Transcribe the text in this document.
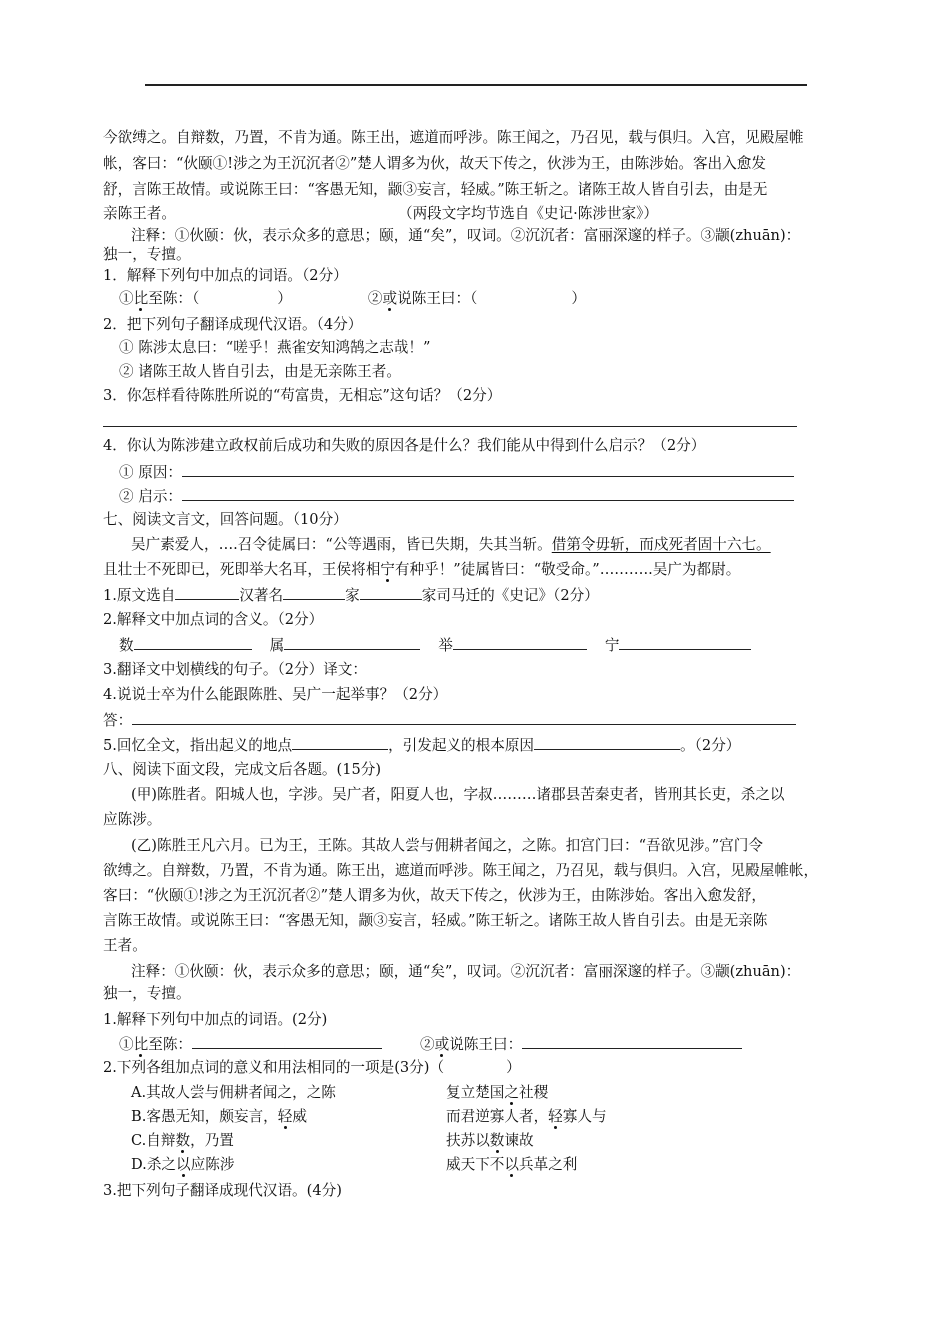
今欲缚之。自辩数，乃置，不肯为通。陈王出，遮道而呼涉。陈王闻之，乃召见，载与俱归。入宫，见殿屋帷
帐，客曰：“伙颐①!涉之为王沉沉者②”楚人谓多为伙，故天下传之，伙涉为王，由陈涉始。客出入愈发
舒，言陈王故情。或说陈王曰：“客愚无知，颛③妄言，轻威。”陈王斩之。诸陈王故人皆自引去，由是无
亲陈王者。	（两段文字均节选自《史记·陈涉世家》）
注释：①伙颐：伙，表示众多的意思；颐，通“矣”，叹词。②沉沉者：富丽深邃的样子。③颛(zhuān)：
独一，专擅。
1．解释下列句中加点的词语。（2分）
①比至陈：（	）	②或说陈王曰：（	）
2．把下列句子翻译成现代汉语。（4分）
① 陈涉太息曰：“嗟乎！燕雀安知鸿鹄之志哉！”
② 诸陈王故人皆自引去，由是无亲陈王者。
3．你怎样看待陈胜所说的“苟富贵，无相忘”这句话？（2分）
4．你认为陈涉建立政权前后成功和失败的原因各是什么？我们能从中得到什么启示？（2分）
① 原因：
② 启示：
七、阅读文言文，回答问题。（10分）
吴广素爱人，….召令徒属曰：“公等遇雨，皆已失期，失其当斩。借第令毋斩，而戍死者固十六七。
且壮士不死即已，死即举大名耳，王侯将相宁有种乎！”徒属皆曰：“敬受命。”………..吴广为都尉。
1.原文选自	汉著名	家	家司马迁的《史记》（2分）
2.解释文中加点词的含义。（2分）
数	属	举	宁
3.翻译文中划横线的句子。（2分）译文：
4.说说士卒为什么能跟陈胜、吴广一起举事？（2分）
答：
5.回忆全文，指出起义的地点	，引发起义的根本原因	。（2分）
八、阅读下面文段，完成文后各题。(15分)
(甲)陈胜者。阳城人也，字涉。吴广者，阳夏人也，字叔………诸郡县苦秦吏者，皆刑其长吏，杀之以
应陈涉。
(乙)陈胜王凡六月。已为王，王陈。其故人尝与佣耕者闻之，之陈。扣宫门曰：“吾欲见涉。”宫门令
欲缚之。自辩数，乃置，不肯为通。陈王出，遮道而呼涉。陈王闻之，乃召见，载与俱归。入宫，见殿屋帷帐，
客曰：“伙颐①!涉之为王沉沉者②”楚人谓多为伙，故天下传之，伙涉为王，由陈涉始。客出入愈发舒，
言陈王故情。或说陈王曰：“客愚无知，颛③妄言，轻威。”陈王斩之。诸陈王故人皆自引去。由是无亲陈
王者。
注释：①伙颐：伙，表示众多的意思；颐，通“矣”，叹词。②沉沉者：富丽深邃的样子。③颛(zhuān)：
独一，专擅。
1.解释下列句中加点的词语。(2分)
①比至陈：	②或说陈王曰：
2.下列各组加点词的意义和用法相同的一项是(3分)（	）
A.其故人尝与佣耕者闻之，之陈	复立楚国之社稷
B.客愚无知，颇妄言，轻威	而君逆寡人者，轻寡人与
C.自辩数，乃置	扶苏以数谏故
D.杀之以应陈涉	威天下不以兵革之利
3.把下列句子翻译成现代汉语。(4分)
